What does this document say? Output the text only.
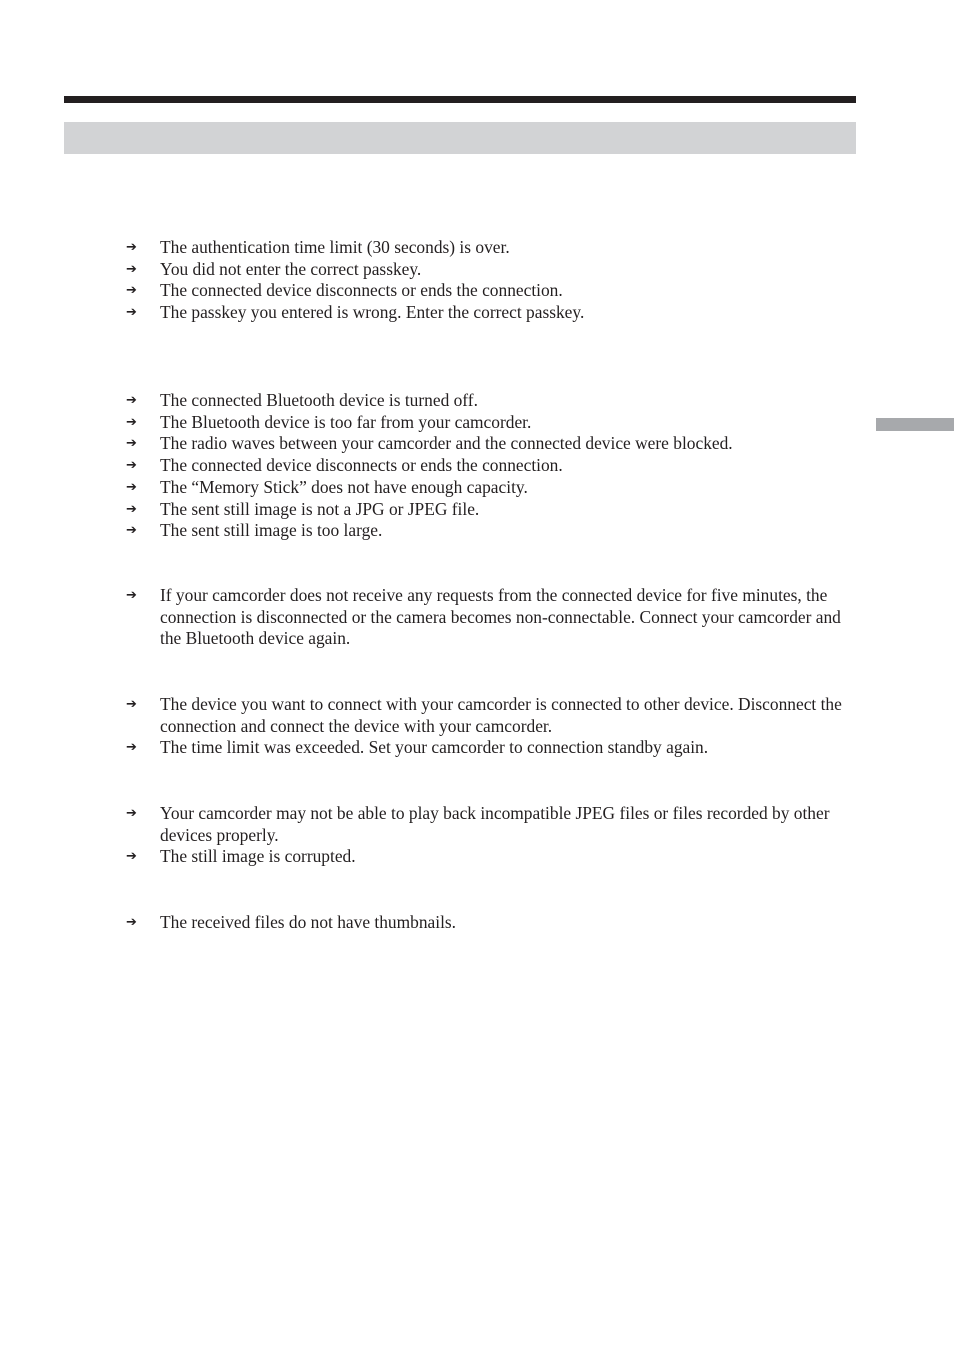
➔ The authentication time limit (30 seconds) is over.
➔ You did not enter the correct passkey.
➔ The connected device disconnects or ends the connection.
➔ The passkey you entered is wrong. Enter the correct passkey.
➔ The connected Bluetooth device is turned off.
➔ The Bluetooth device is too far from your camcorder.
➔ The radio waves between your camcorder and the connected device were blocked.
➔ The connected device disconnects or ends the connection.
➔ The “Memory Stick” does not have enough capacity.
➔ The sent still image is not a JPG or JPEG file.
➔ The sent still image is too large.
➔ If your camcorder does not receive any requests from the connected device for five minutes, the connection is disconnected or the camera becomes non-connectable. Connect your camcorder and the Bluetooth device again.
➔ The device you want to connect with your camcorder is connected to other device. Disconnect the connection and connect the device with your camcorder.
➔ The time limit was exceeded. Set your camcorder to connection standby again.
➔ Your camcorder may not be able to play back incompatible JPEG files or files recorded by other devices properly.
➔ The still image is corrupted.
➔ The received files do not have thumbnails.
